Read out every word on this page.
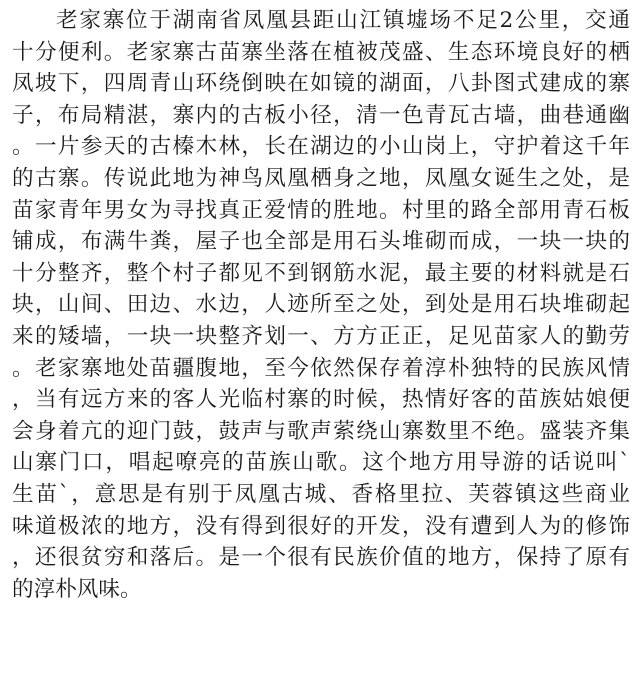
老家寨位于湖南省凤凰县距山江镇墟场不足2公里，交通
十分便利。老家寨古苗寨坐落在植被茂盛、生态环境良好的栖
凤坡下，四周青山环绕倒映在如镜的湖面，八卦图式建成的寨
子，布局精湛，寨内的古板小径，清一色青瓦古墙，曲巷通幽
。一片参天的古榛木林，长在湖边的小山岗上，守护着这千年
的古寨。传说此地为神鸟凤凰栖身之地，凤凰女诞生之处，是
苗家青年男女为寻找真正爱情的胜地。村里的路全部用青石板
铺成，布满牛粪，屋子也全部是用石头堆砌而成，一块一块的
十分整齐，整个村子都见不到钢筋水泥，最主要的材料就是石
块，山间、田边、水边，人迹所至之处，到处是用石块堆砌起
来的矮墙，一块一块整齐划一、方方正正，足见苗家人的勤劳
。老家寨地处苗疆腹地，至今依然保存着淳朴独特的民族风情
，当有远方来的客人光临村寨的时候，热情好客的苗族姑娘便
会身着亢的迎门鼓，鼓声与歌声萦绕山寨数里不绝。盛装齐集
山寨门口，唱起嘹亮的苗族山歌。这个地方用导游的话说叫`
生苗`，意思是有别于凤凰古城、香格里拉、芙蓉镇这些商业
味道极浓的地方，没有得到很好的开发，没有遭到人为的修饰
，还很贫穷和落后。是一个很有民族价值的地方，保持了原有
的淳朴风味。
